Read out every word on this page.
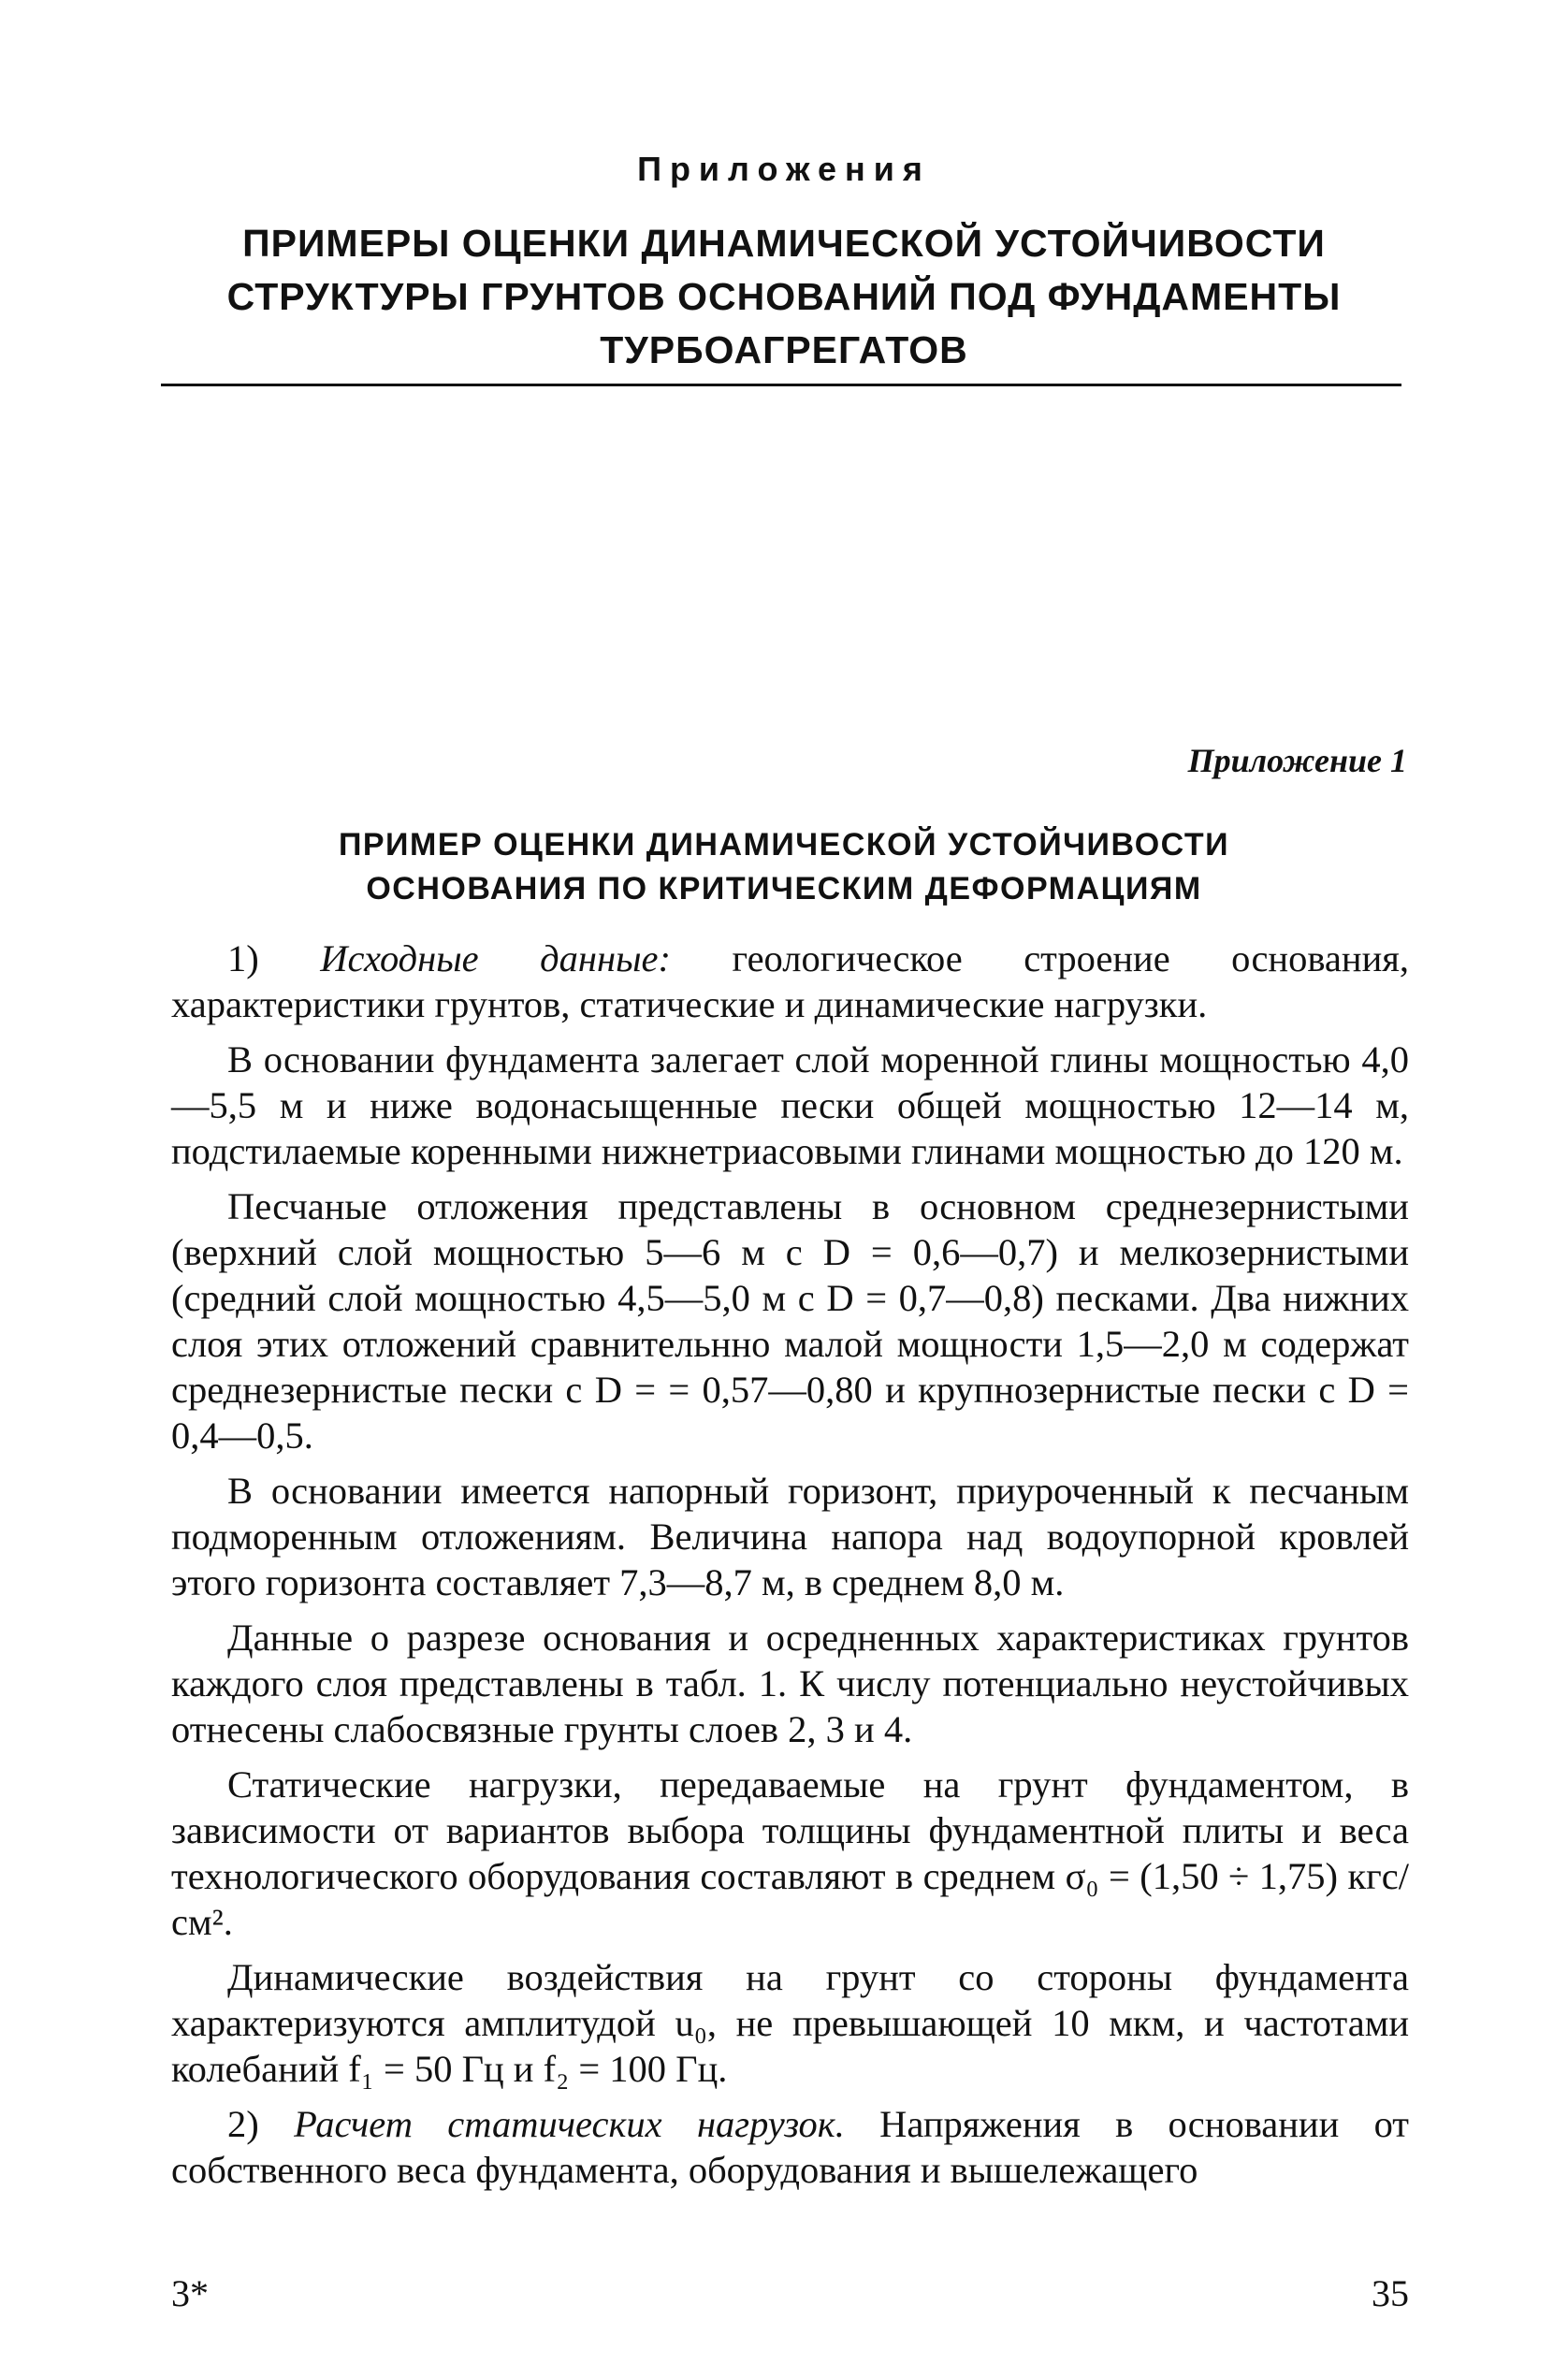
Приложения
ПРИМЕРЫ ОЦЕНКИ ДИНАМИЧЕСКОЙ УСТОЙЧИВОСТИ
СТРУКТУРЫ ГРУНТОВ ОСНОВАНИЙ ПОД ФУНДАМЕНТЫ
ТУРБОАГРЕГАТОВ
Приложение 1
ПРИМЕР ОЦЕНКИ ДИНАМИЧЕСКОЙ УСТОЙЧИВОСТИ
ОСНОВАНИЯ ПО КРИТИЧЕСКИМ ДЕФОРМАЦИЯМ

1) Исходные данные: геологическое строение основания, характеристики грунтов, статические и динамические нагрузки.

В основании фундамента залегает слой моренной глины мощностью 4,0—5,5 м и ниже водонасыщенные пески общей мощностью 12—14 м, подстилаемые коренными нижнетриасовыми глинами мощностью до 120 м.

Песчаные отложения представлены в основном среднезернистыми (верхний слой мощностью 5—6 м с D = 0,6—0,7) и мелкозернистыми (средний слой мощностью 4,5—5,0 м с D = 0,7—0,8) песками. Два нижних слоя этих отложений сравнительнно малой мощности 1,5—2,0 м содержат среднезернистые пески с D = = 0,57—0,80 и крупнозернистые пески с D = 0,4—0,5.

В основании имеется напорный горизонт, приуроченный к песчаным подморенным отложениям. Величина напора над водоупорной кровлей этого горизонта составляет 7,3—8,7 м, в среднем 8,0 м.

Данные о разрезе основания и осредненных характеристиках грунтов каждого слоя представлены в табл. 1. К числу потенциально неустойчивых отнесены слабосвязные грунты слоев 2, 3 и 4.

Статические нагрузки, передаваемые на грунт фундаментом, в зависимости от вариантов выбора толщины фундаментной плиты и веса технологического оборудования составляют в среднем σ₀ = (1,50 ÷ 1,75) кгс/см².

Динамические воздействия на грунт со стороны фундамента характеризуются амплитудой u₀, не превышающей 10 мкм, и частотами колебаний f₁ = 50 Гц и f₂ = 100 Гц.

2) Расчет статических нагрузок. Напряжения в основании от собственного веса фундамента, оборудования и вышележащего

3*	35
